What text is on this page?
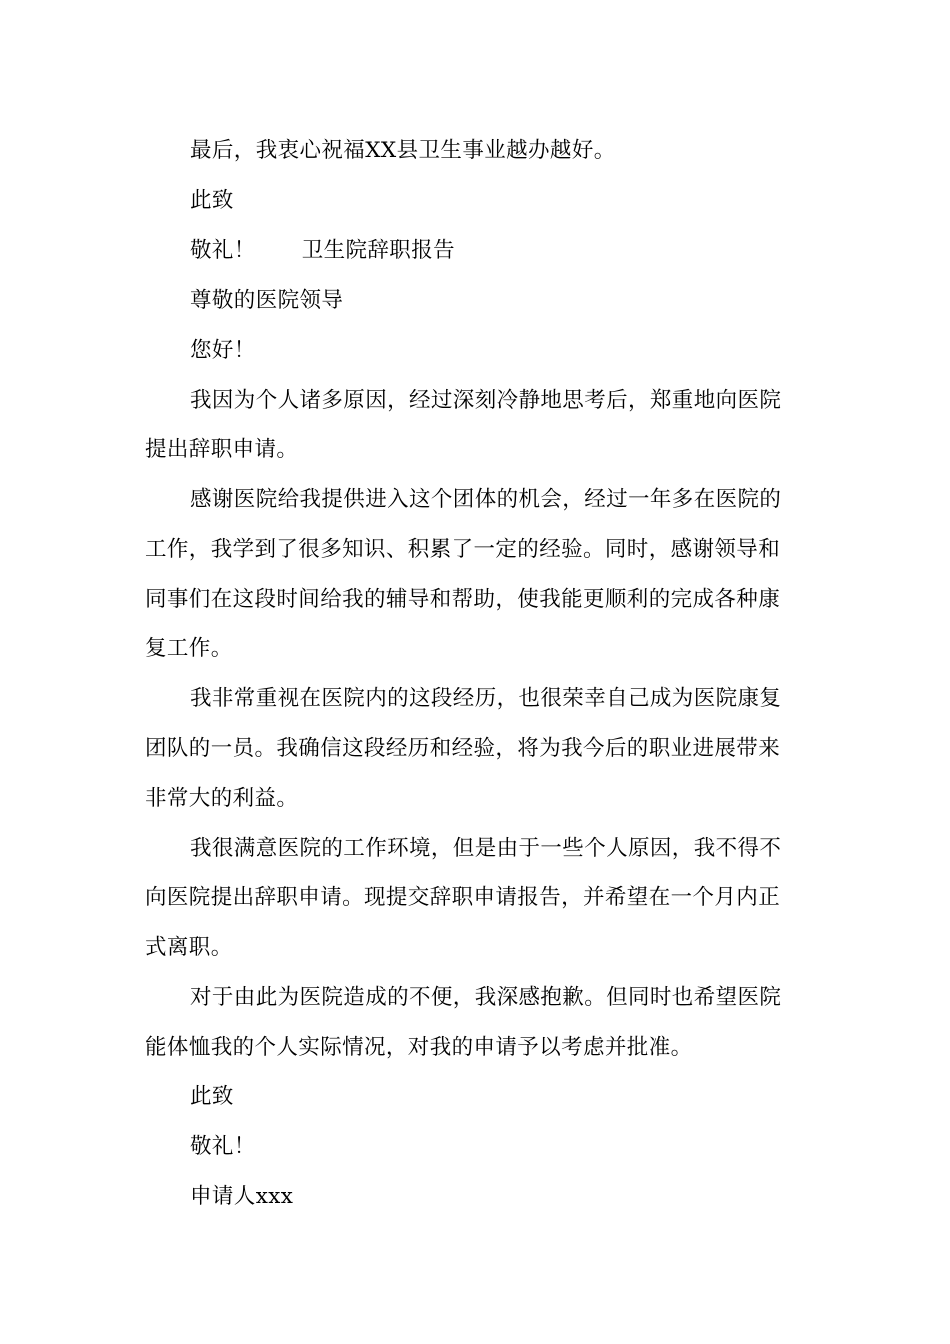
最后，我衷心祝福XX县卫生事业越办越好。
此致
敬礼！ 卫生院辞职报告
尊敬的医院领导
您好！
我因为个人诸多原因，经过深刻冷静地思考后，郑重地向医院
提出辞职申请。
感谢医院给我提供进入这个团体的机会，经过一年多在医院的
工作，我学到了很多知识、积累了一定的经验。同时，感谢领导和
同事们在这段时间给我的辅导和帮助，使我能更顺利的完成各种康
复工作。
我非常重视在医院内的这段经历，也很荣幸自己成为医院康复
团队的一员。我确信这段经历和经验，将为我今后的职业进展带来
非常大的利益。
我很满意医院的工作环境，但是由于一些个人原因，我不得不
向医院提出辞职申请。现提交辞职申请报告，并希望在一个月内正
式离职。
对于由此为医院造成的不便，我深感抱歉。但同时也希望医院
能体恤我的个人实际情况，对我的申请予以考虑并批准。
此致
敬礼！
申请人xxx
